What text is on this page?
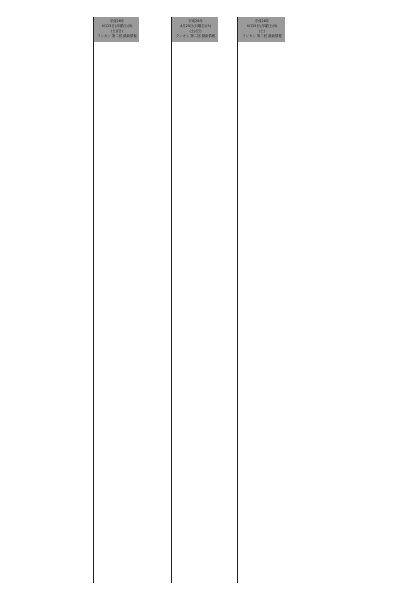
平成28年
4月25日(月曜日)(5)
(土)(日)
ランカン 第二回 最新情報
平成28年
4月25日(月曜日)(5)
(土)(日)
ランカン 第二回 最新情報
平成28年
4月25日(月曜日)(5)
(土)
ランカン 第二回 最新情報
